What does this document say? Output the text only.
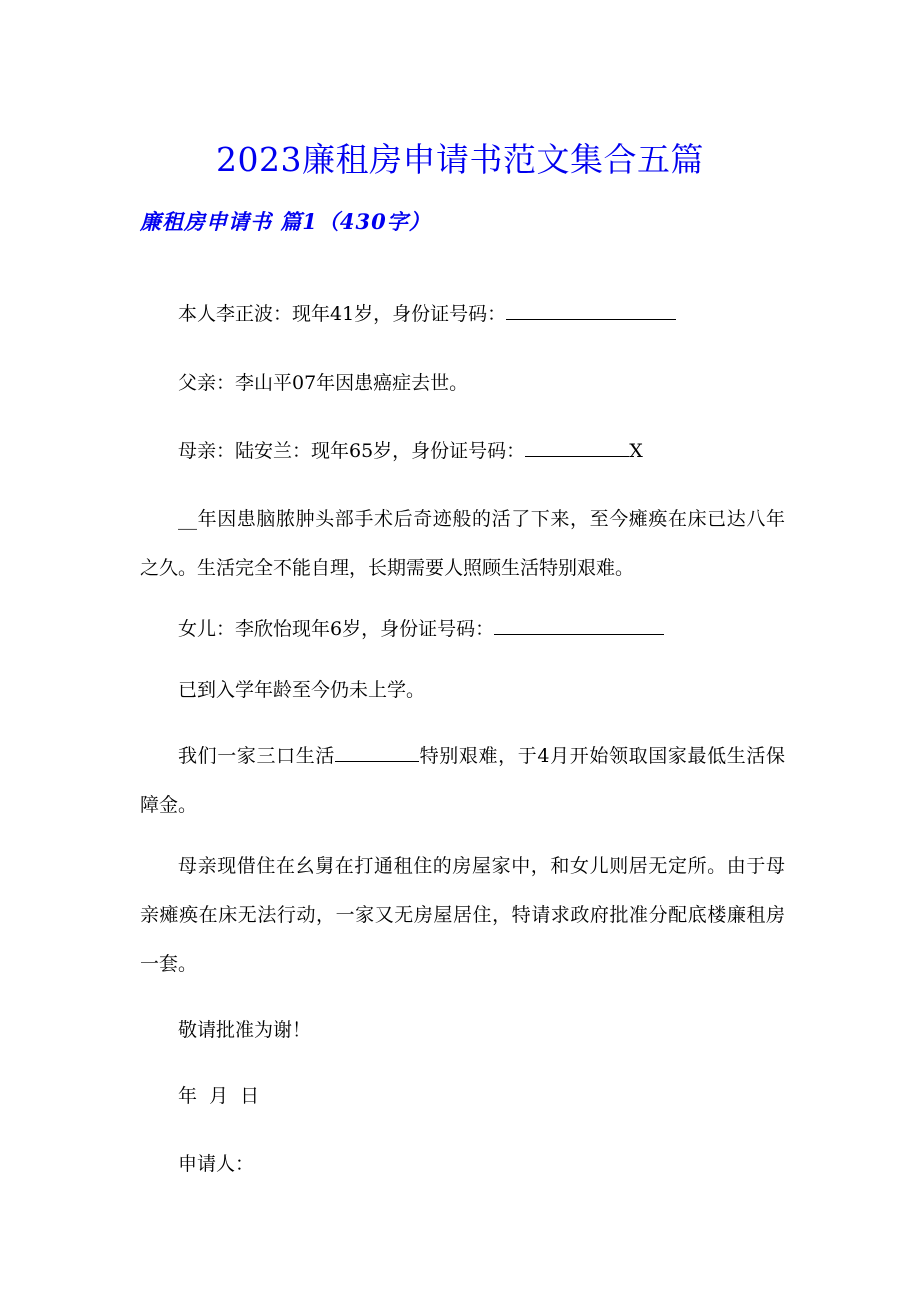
2023廉租房申请书范文集合五篇
廉租房申请书 篇1（430字）

本人李正波：现年41岁，身份证号码：

父亲：李山平07年因患癌症去世。

母亲：陆安兰：现年65岁，身份证号码：	X

__年因患脑脓肿头部手术后奇迹般的活了下来，至今瘫痪在床已达八年之久。生活完全不能自理，长期需要人照顾生活特别艰难。

女儿：李欣怡现年6岁，身份证号码：

已到入学年龄至今仍未上学。

我们一家三口生活	特别艰难，于4月开始领取国家最低生活保障金。

母亲现借住在幺舅在打通租住的房屋家中，和女儿则居无定所。由于母亲瘫痪在床无法行动，一家又无房屋居住，特请求政府批准分配底楼廉租房一套。

敬请批准为谢！

年  月  日

申请人：
